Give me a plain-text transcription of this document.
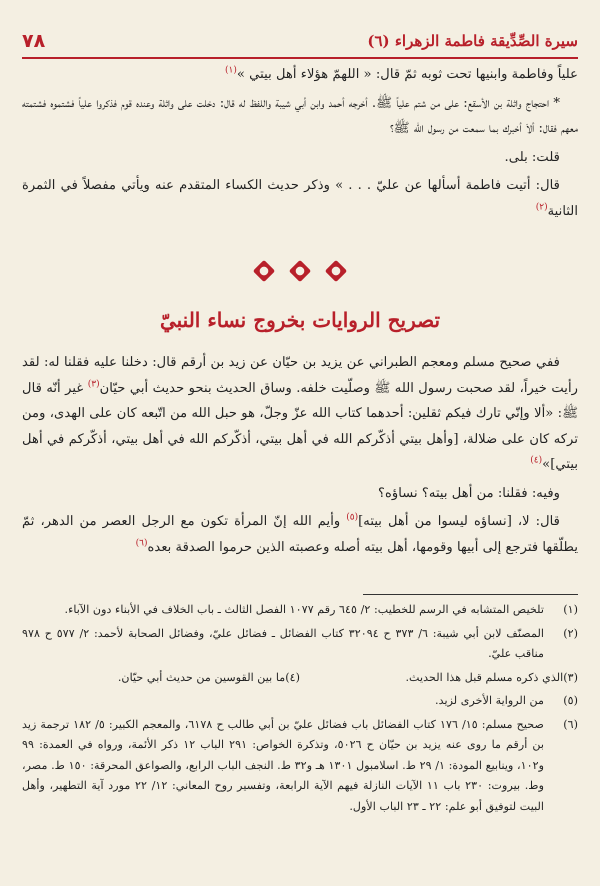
٧٨	سيرة الصِّدِّيقة فاطمة الزهراء (٦)

علياً وفاطمة وابنيها تحت ثوبه ثمّ قال: « اللهمّ هؤلاء أهل بيتي »$^{(١)}$

* احتجاج واثلة بن الأسقع: على من شتم علياً ﷺ. أخرجه أحمد وابن أبي شيبة واللفظ له قال: دخلت على واثلة وعنده قوم فذكروا علياً فشتموه فشتمته معهم فقال: ألاَ أخبرك بما سمعت من رسول الله ﷺ؟

قلت: بلى.

قال: أتيت فاطمة أسألها عن عليّ . . . » وذكر حديث الكساء المتقدم عنه ويأتي مفصلاً في الثمرة الثانية$^{(٢)}$

تصريح الروايات بخروج نساء النبيّ

ففي صحيح مسلم ومعجم الطبراني عن يزيد بن حيّان عن زيد بن أرقم قال: دخلنا عليه فقلنا له: لقد رأيت خيراً، لقد صحبت رسول الله ﷺ وصلّيت خلفه. وساق الحديث بنحو حديث أبي حيّان$^{(٣)}$ غير أنّه قال ﷺ: «ألا وإنّي تارك فيكم ثقلين: أحدهما كتاب الله عزّ وجلّ، هو حبل الله من اتّبعه كان على الهدى، ومن تركه كان على ضلالة، [وأهل بيتي أذكّركم الله في أهل بيتي، أذكّركم الله في أهل بيتي، أذكّركم في أهل بيتي]»$^{(٤)}$

وفيه: فقلنا: من أهل بيته؟ نساؤه؟

قال: لا، [نساؤه ليسوا من أهل بيته]$^{(٥)}$ وأيم الله إنّ المرأة تكون مع الرجل العصر من الدهر، ثمّ يطلّقها فترجع إلى أبيها وقومها، أهل بيته أصله وعصبته الذين حرموا الصدقة بعده$^{(٦)}$

(١)
تلخيص المتشابه في الرسم للخطيب: ٢/ ٦٤٥ رقم ١٠٧٧ الفصل الثالث ـ باب الخلاف في الأبناء دون الآباء.
(٢)
المصنّف لابن أبي شيبة: ٦/ ٣٧٣ ح ٣٢٠٩٤ كتاب الفضائل ـ فضائل عليّ، وفضائل الصحابة لأحمد: ٢/ ٥٧٧ ح ٩٧٨ مناقب عليّ.
(٣)
الذي ذكره مسلم قبل هذا الحديث.
(٤)
ما بين القوسين من حديث أبي حيّان.
(٥)
من الرواية الأخرى لزيد.
(٦)
صحيح مسلم: ١٥/ ١٧٦ كتاب الفضائل باب فضائل عليّ بن أبي طالب ح ٦١٧٨، والمعجم الكبير: ٥/ ١٨٢ ترجمة زيد بن أرقم ما روى عنه يزيد بن حيّان ح ٥٠٢٦، وتذكرة الخواص: ٢٩١ الباب ١٢ ذكر الأئمة، ورواه في العمدة: ٩٩ و١٠٢، وينابيع المودة: ١/ ٢٩ ط. اسلامبول ١٣٠١ هـ و٣٢ ط. النجف الباب الرابع، والصواعق المحرقة: ١٥٠ ط. مصر، وط. بيروت: ٢٣٠ باب ١١ الآيات النازلة فيهم الآية الرابعة، وتفسير روح المعاني: ١٢/ ٢٢ مورد آية التطهير، وأهل البيت لتوفيق أبو علم: ٢٢ ـ ٢٣ الباب الأول.
